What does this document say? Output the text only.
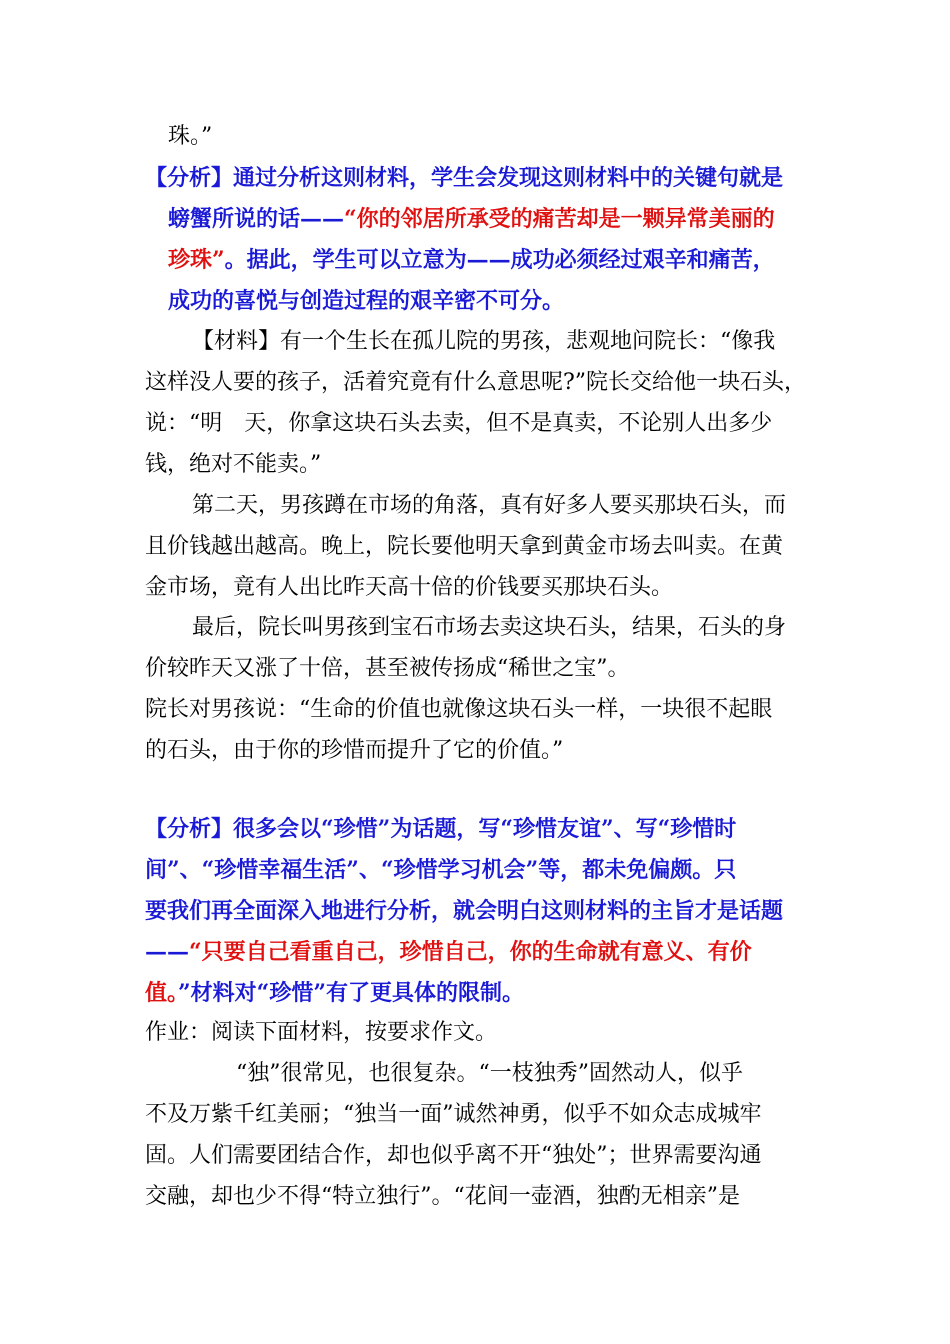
珠。”
【分析】通过分析这则材料，学生会发现这则材料中的关键句就是
螃蟹所说的话——“你的邻居所承受的痛苦却是一颗异常美丽的
珍珠”。据此，学生可以立意为——成功必须经过艰辛和痛苦，
成功的喜悦与创造过程的艰辛密不可分。
【材料】有一个生长在孤儿院的男孩，悲观地问院长：“像我
这样没人要的孩子，活着究竟有什么意思呢?”院长交给他一块石头，
说：“明　天，你拿这块石头去卖，但不是真卖，不论别人出多少
钱，绝对不能卖。”
第二天，男孩蹲在市场的角落，真有好多人要买那块石头，而
且价钱越出越高。晚上，院长要他明天拿到黄金市场去叫卖。在黄
金市场，竟有人出比昨天高十倍的价钱要买那块石头。
最后，院长叫男孩到宝石市场去卖这块石头，结果，石头的身
价较昨天又涨了十倍，甚至被传扬成“稀世之宝”。
院长对男孩说：“生命的价值也就像这块石头一样，一块很不起眼
的石头，由于你的珍惜而提升了它的价值。”
【分析】很多会以“珍惜”为话题，写“珍惜友谊”、写“珍惜时
间”、“珍惜幸福生活”、“珍惜学习机会”等，都未免偏颇。只
要我们再全面深入地进行分析，就会明白这则材料的主旨才是话题
——“只要自己看重自己，珍惜自己，你的生命就有意义、有价
值。”材料对“珍惜”有了更具体的限制。
作业：阅读下面材料，按要求作文。
“独”很常见，也很复杂。“一枝独秀”固然动人，似乎
不及万紫千红美丽；“独当一面”诚然神勇，似乎不如众志成城牢
固。人们需要团结合作，却也似乎离不开“独处”；世界需要沟通
交融，却也少不得“特立独行”。“花间一壶酒，独酌无相亲”是
